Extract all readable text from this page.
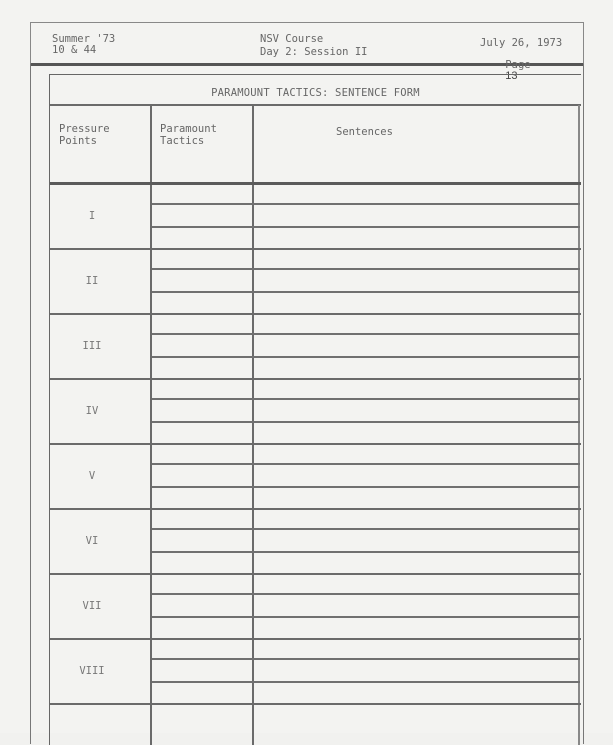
Summer '73
10 & 44
NSV Course
Day 2: Session II
July 26, 1973

Page
13

PARAMOUNT TACTICS: SENTENCE FORM
Pressure
Points
Paramount
Tactics
Sentences
I
II
III
IV
V
VI
VII
VIII
